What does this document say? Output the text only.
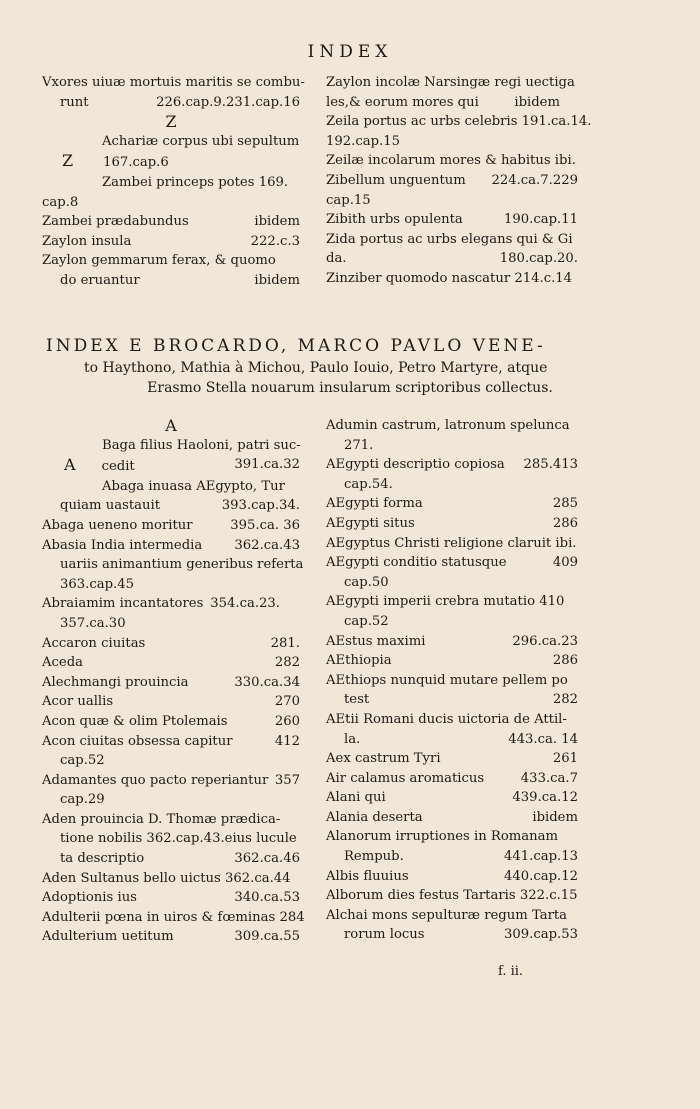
INDEX
Vxores uiuæ mortuis maritis se combu-
runt	226.cap.9.231.cap.16
Z
Achariæ corpus ubi sepultum
Z 167.cap.6
Zambei princeps potes 169.
cap.8
Zambei prædabundus	ibidem
Zaylon insula	222.c.3
Zaylon gemmarum ferax, & quomo
do eruantur	ibidem
Zaylon incolæ Narsingæ regi uectiga
les,& eorum mores qui	ibidem
Zeila portus ac urbs celebris 191.ca.14.
192.cap.15
Zeilæ incolarum mores & habitus ibi.
Zibellum unguentum 224.ca.7.229
cap.15
Zibith urbs opulenta	190.cap.11
Zida portus ac urbs elegans qui & Gi
da.	180.cap.20.
Zinziber quomodo nascatur 214.c.14
INDEX E BROCARDO, MARCO PAVLO VENE-
to Haythono, Mathia à Michou, Paulo Iouio, Petro Martyre, atque
Erasmo Stella nouarum insularum scriptoribus collectus.
A
Baga filius Haoloni, patri suc-
A cedit	391.ca.32
Abaga inuasa AEgypto, Tur
quiam uastauit	393.cap.34.
Abaga ueneno moritur	395.ca. 36
Abasia India intermedia 362.ca.43
uariis animantium generibus referta
363.cap.45
Abraiamim incantatores 354.ca.23.
357.ca.30
Accaron ciuitas	281.
Aceda	282
Alechmangi prouincia	330.ca.34
Acor uallis	270
Acon quæ & olim Ptolemais	260
Acon ciuitas obsessa capitur	412
cap.52
Adamantes quo pacto reperiantur 357
cap.29
Aden prouincia D. Thomæ prædica-
tione nobilis 362.cap.43.eius lucule
ta descriptio	362.ca.46
Aden Sultanus bello uictus 362.ca.44
Adoptionis ius	340.ca.53
Adulterii pœna in uiros & fœminas 284
Adulterium uetitum	309.ca.55
Adumin castrum, latronum spelunca
271.
AEgypti descriptio copiosa 285.413
cap.54.
AEgypti forma	285
AEgypti situs	286
AEgyptus Christi religione claruit ibi.
AEgypti conditio statusque	409
cap.50
AEgypti imperii crebra mutatio 410
cap.52
AEstus maximi	296.ca.23
AEthiopia	286
AEthiops nunquid mutare pellem po
test	282
AEtii Romani ducis uictoria de Attil-
la.	443.ca. 14
Aex castrum Tyri	261
Air calamus aromaticus	433.ca.7
Alani qui	439.ca.12
Alania deserta	ibidem
Alanorum irruptiones in Romanam
Rempub.	441.cap.13
Albis fluuius	440.cap.12
Alborum dies festus Tartaris 322.c.15
Alchai mons sepulturæ regum Tarta
rorum locus	309.cap.53
f. ii.
